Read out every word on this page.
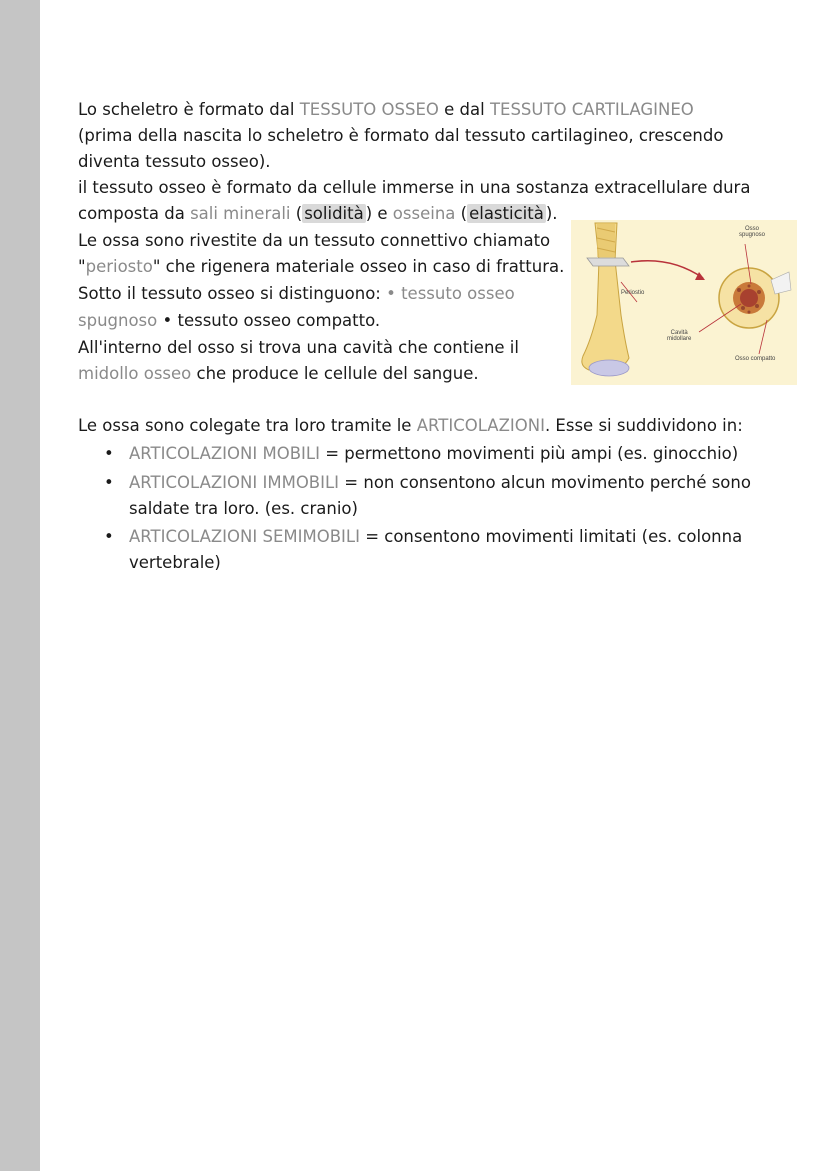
Lo scheletro è formato dal TESSUTO OSSEO e dal TESSUTO CARTILAGINEO
(prima della nascita lo scheletro è formato dal tessuto cartilagineo, crescendo
diventa tessuto osseo).
il tessuto osseo è formato da cellule immerse in una sostanza extracellulare dura
composta da sali minerali ( solidità ) e osseina ( elasticità ).
Le ossa sono rivestite da un tessuto connettivo chiamato
"periosto" che rigenera materiale osseo in caso di frattura.
Sotto il tessuto osseo si distinguono: • tessuto osseo
spugnoso • tessuto osseo compatto.
All'interno del osso si trova una cavità che contiene il
midollo osseo che produce le cellule del sangue.
Osso
spugnoso
Periostio
Cavità
midollare
Osso compatto
Le ossa sono colegate tra loro tramite le ARTICOLAZIONI. Esse si suddividono in:
• ARTICOLAZIONI MOBILI = permettono movimenti più ampi (es. ginocchio)
• ARTICOLAZIONI IMMOBILI = non consentono alcun movimento perché sono
saldate tra loro. (es. cranio)
• ARTICOLAZIONI SEMIMOBILI = consentono movimenti limitati (es. colonna
vertebrale)
